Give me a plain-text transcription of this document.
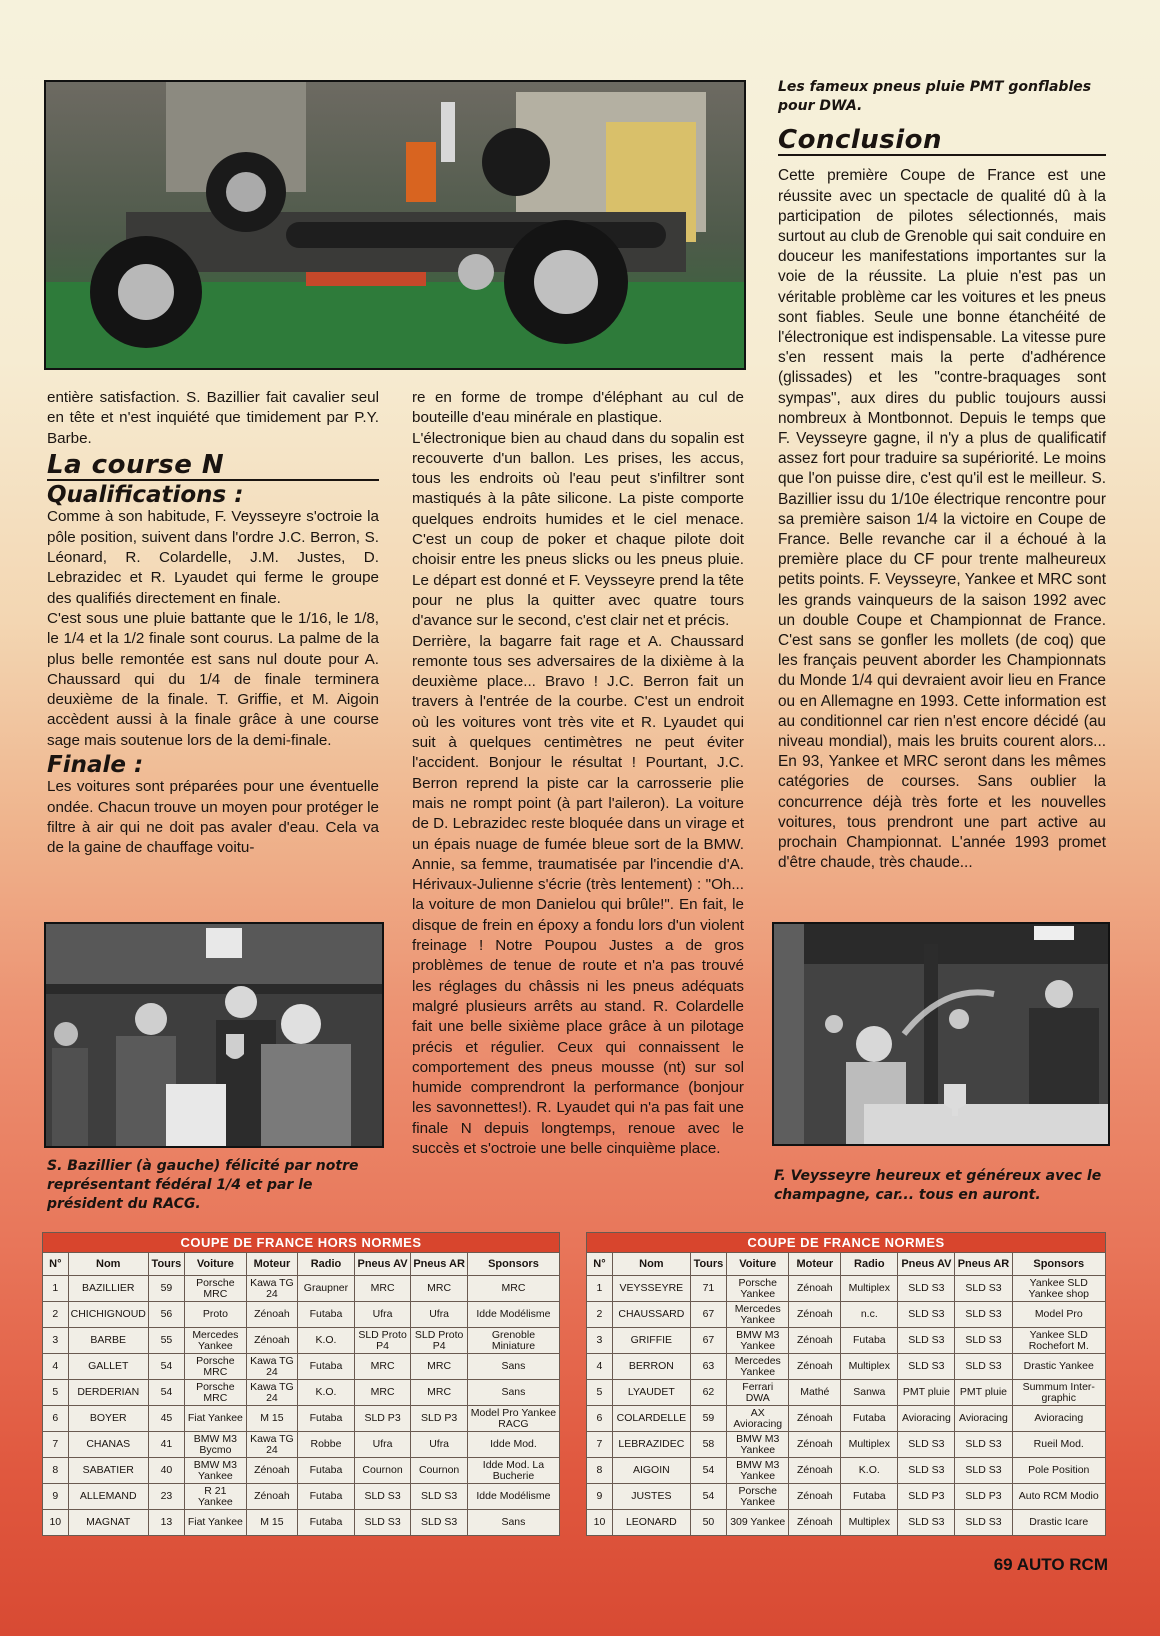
Les fameux pneus pluie PMT gonflables pour DWA.
Conclusion

Cette première Coupe de France est une réussite avec un spectacle de qualité dû à la participation de pilotes sélectionnés, mais surtout au club de Grenoble qui sait conduire en douceur les manifestations importantes sur la voie de la réussite. La pluie n'est pas un véritable problème car les voitures et les pneus sont fiables. Seule une bonne étanchéité de l'électronique est indispensable. La vitesse pure s'en ressent mais la perte d'adhérence (glissades) et les "contre-braquages sont sympas", aux dires du public toujours aussi nombreux à Montbonnot. Depuis le temps que F. Veysseyre gagne, il n'y a plus de qualificatif assez fort pour traduire sa supériorité. Le moins que l'on puisse dire, c'est qu'il est le meilleur. S. Bazillier issu du 1/10e électrique rencontre pour sa première saison 1/4 la victoire en Coupe de France. Belle revanche car il a échoué à la première place du CF pour trente malheureux petits points. F. Veysseyre, Yankee et MRC sont les grands vainqueurs de la saison 1992 avec un double Coupe et Championnat de France. C'est sans se gonfler les mollets (de coq) que les français peuvent aborder les Championnats du Monde 1/4 qui devraient avoir lieu en France ou en Allemagne en 1993. Cette information est au conditionnel car rien n'est encore décidé (au niveau mondial), mais les bruits courent alors... En 93, Yankee et MRC seront dans les mêmes catégories de courses. Sans oublier la concurrence déjà très forte et les nouvelles voitures, tous prendront une part active au prochain Championnat. L'année 1993 promet d'être chaude, très chaude...

entière satisfaction. S. Bazillier fait cavalier seul en tête et n'est inquiété que timidement par P.Y. Barbe.

La course N
Qualifications :

Comme à son habitude, F. Veysseyre s'octroie la pôle position, suivent dans l'ordre J.C. Berron, S. Léonard, R. Colardelle, J.M. Justes, D. Lebrazidec et R. Lyaudet qui ferme le groupe des qualifiés directement en finale.

C'est sous une pluie battante que le 1/16, le 1/8, le 1/4 et la 1/2 finale sont courus. La palme de la plus belle remontée est sans nul doute pour A. Chaussard qui du 1/4 de finale terminera deuxième de la finale. T. Griffie, et M. Aigoin accèdent aussi à la finale grâce à une course sage mais soutenue lors de la demi-finale.

Finale :

Les voitures sont préparées pour une éventuelle ondée. Chacun trouve un moyen pour protéger le filtre à air qui ne doit pas avaler d'eau. Cela va de la gaine de chauffage voitu-

S. Bazillier (à gauche) félicité par notre représentant fédéral 1/4 et par le président du RACG.

re en forme de trompe d'éléphant au cul de bouteille d'eau minérale en plastique.

L'électronique bien au chaud dans du sopalin est recouverte d'un ballon. Les prises, les accus, tous les endroits où l'eau peut s'infiltrer sont mastiqués à la pâte silicone. La piste comporte quelques endroits humides et le ciel menace. C'est un coup de poker et chaque pilote doit choisir entre les pneus slicks ou les pneus pluie. Le départ est donné et F. Veysseyre prend la tête pour ne plus la quitter avec quatre tours d'avance sur le second, c'est clair net et précis.

Derrière, la bagarre fait rage et A. Chaussard remonte tous ses adversaires de la dixième à la deuxième place... Bravo ! J.C. Berron fait un travers à l'entrée de la courbe. C'est un endroit où les voitures vont très vite et R. Lyaudet qui suit à quelques centimètres ne peut éviter l'accident. Bonjour le résultat ! Pourtant, J.C. Berron reprend la piste car la carrosserie plie mais ne rompt point (à part l'aileron). La voiture de D. Lebrazidec reste bloquée dans un virage et un épais nuage de fumée bleue sort de la BMW. Annie, sa femme, traumatisée par l'incendie d'A. Hérivaux-Julienne s'écrie (très lentement) : "Oh... la voiture de mon Danielou qui brûle!". En fait, le disque de frein en époxy a fondu lors d'un violent freinage ! Notre Poupou Justes a de gros problèmes de tenue de route et n'a pas trouvé les réglages du châssis ni les pneus adéquats malgré plusieurs arrêts au stand. R. Colardelle fait une belle sixième place grâce à un pilotage précis et régulier. Ceux qui connaissent le comportement des pneus mousse (nt) sur sol humide comprendront la performance (bonjour les savonnettes!). R. Lyaudet qui n'a pas fait une finale N depuis longtemps, renoue avec le succès et s'octroie une belle cinquième place.

F. Veysseyre heureux et généreux avec le champagne, car... tous en auront.
COUPE DE FRANCE HORS NORMES
N°	Nom	Tours	Voiture	Moteur	Radio	Pneus AV	Pneus AR	Sponsors
1	BAZILLIER	59	Porsche MRC	Kawa TG 24	Graupner	MRC	MRC	MRC
2	CHICHIGNOUD	56	Proto	Zénoah	Futaba	Ufra	Ufra	Idde Modélisme
3	BARBE	55	Mercedes Yankee	Zénoah	K.O.	SLD Proto P4	SLD Proto P4	Grenoble Miniature
4	GALLET	54	Porsche MRC	Kawa TG 24	Futaba	MRC	MRC	Sans
5	DERDERIAN	54	Porsche MRC	Kawa TG 24	K.O.	MRC	MRC	Sans
6	BOYER	45	Fiat Yankee	M 15	Futaba	SLD P3	SLD P3	Model Pro Yankee RACG
7	CHANAS	41	BMW M3 Bycmo	Kawa TG 24	Robbe	Ufra	Ufra	Idde Mod.
8	SABATIER	40	BMW M3 Yankee	Zénoah	Futaba	Cournon	Cournon	Idde Mod. La Bucherie
9	ALLEMAND	23	R 21 Yankee	Zénoah	Futaba	SLD S3	SLD S3	Idde Modélisme
10	MAGNAT	13	Fiat Yankee	M 15	Futaba	SLD S3	SLD S3	Sans
COUPE DE FRANCE NORMES
N°	Nom	Tours	Voiture	Moteur	Radio	Pneus AV	Pneus AR	Sponsors
1	VEYSSEYRE	71	Porsche Yankee	Zénoah	Multiplex	SLD S3	SLD S3	Yankee SLD Yankee shop
2	CHAUSSARD	67	Mercedes Yankee	Zénoah	n.c.	SLD S3	SLD S3	Model Pro
3	GRIFFIE	67	BMW M3 Yankee	Zénoah	Futaba	SLD S3	SLD S3	Yankee SLD Rochefort M.
4	BERRON	63	Mercedes Yankee	Zénoah	Multiplex	SLD S3	SLD S3	Drastic Yankee
5	LYAUDET	62	Ferrari DWA	Mathé	Sanwa	PMT pluie	PMT pluie	Summum Inter-graphic
6	COLARDELLE	59	AX Avioracing	Zénoah	Futaba	Avioracing	Avioracing	Avioracing
7	LEBRAZIDEC	58	BMW M3 Yankee	Zénoah	Multiplex	SLD S3	SLD S3	Rueil Mod.
8	AIGOIN	54	BMW M3 Yankee	Zénoah	K.O.	SLD S3	SLD S3	Pole Position
9	JUSTES	54	Porsche Yankee	Zénoah	Futaba	SLD P3	SLD P3	Auto RCM Modio
10	LEONARD	50	309 Yankee	Zénoah	Multiplex	SLD S3	SLD S3	Drastic Icare
69 AUTO RCM
